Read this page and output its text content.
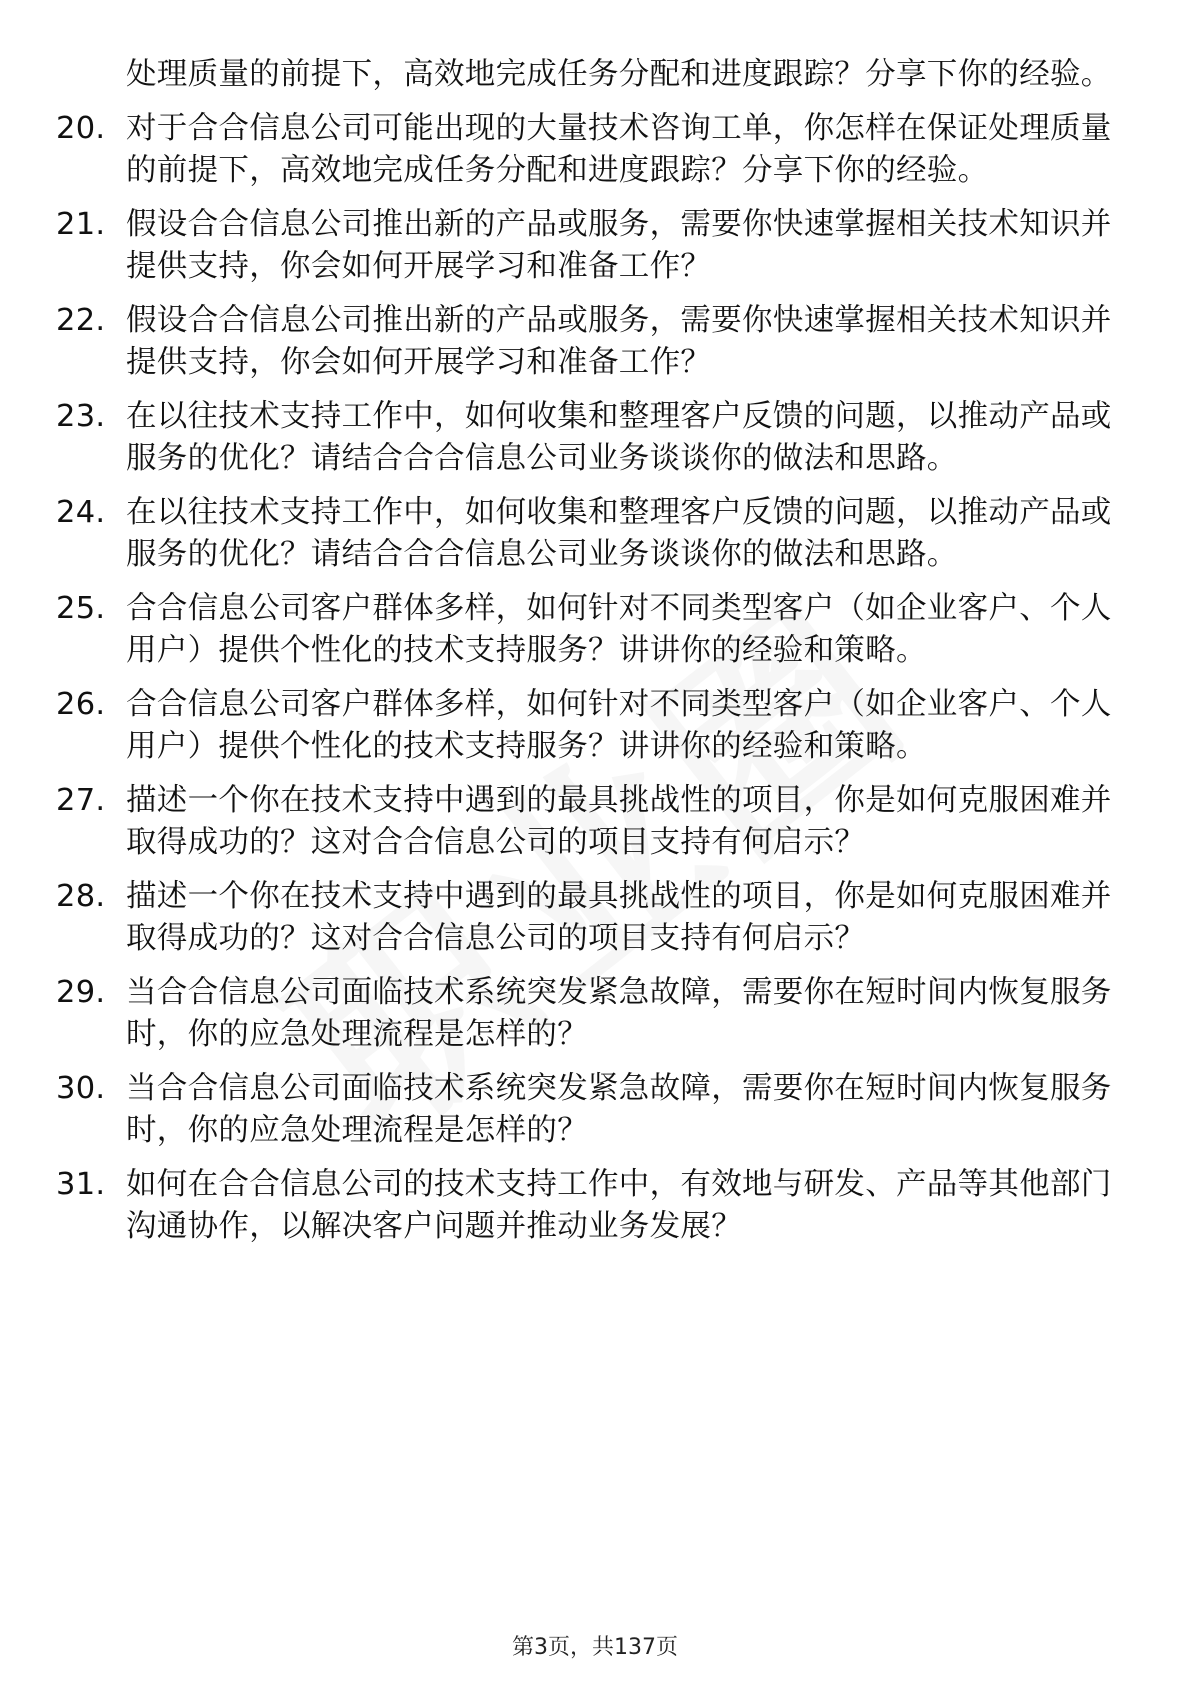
处理质量的前提下，高效地完成任务分配和进度跟踪？分享下你的经验。
20. 对于合合信息公司可能出现的大量技术咨询工单，你怎样在保证处理质量的前提下，高效地完成任务分配和进度跟踪？分享下你的经验。
21. 假设合合信息公司推出新的产品或服务，需要你快速掌握相关技术知识并提供支持，你会如何开展学习和准备工作？
22. 假设合合信息公司推出新的产品或服务，需要你快速掌握相关技术知识并提供支持，你会如何开展学习和准备工作？
23. 在以往技术支持工作中，如何收集和整理客户反馈的问题，以推动产品或服务的优化？请结合合合信息公司业务谈谈你的做法和思路。
24. 在以往技术支持工作中，如何收集和整理客户反馈的问题，以推动产品或服务的优化？请结合合合信息公司业务谈谈你的做法和思路。
25. 合合信息公司客户群体多样，如何针对不同类型客户（如企业客户、个人用户）提供个性化的技术支持服务？讲讲你的经验和策略。
26. 合合信息公司客户群体多样，如何针对不同类型客户（如企业客户、个人用户）提供个性化的技术支持服务？讲讲你的经验和策略。
27. 描述一个你在技术支持中遇到的最具挑战性的项目，你是如何克服困难并取得成功的？这对合合信息公司的项目支持有何启示？
28. 描述一个你在技术支持中遇到的最具挑战性的项目，你是如何克服困难并取得成功的？这对合合信息公司的项目支持有何启示？
29. 当合合信息公司面临技术系统突发紧急故障，需要你在短时间内恢复服务时，你的应急处理流程是怎样的？
30. 当合合信息公司面临技术系统突发紧急故障，需要你在短时间内恢复服务时，你的应急处理流程是怎样的？
31. 如何在合合信息公司的技术支持工作中，有效地与研发、产品等其他部门沟通协作，以解决客户问题并推动业务发展？
第3页，共137页
